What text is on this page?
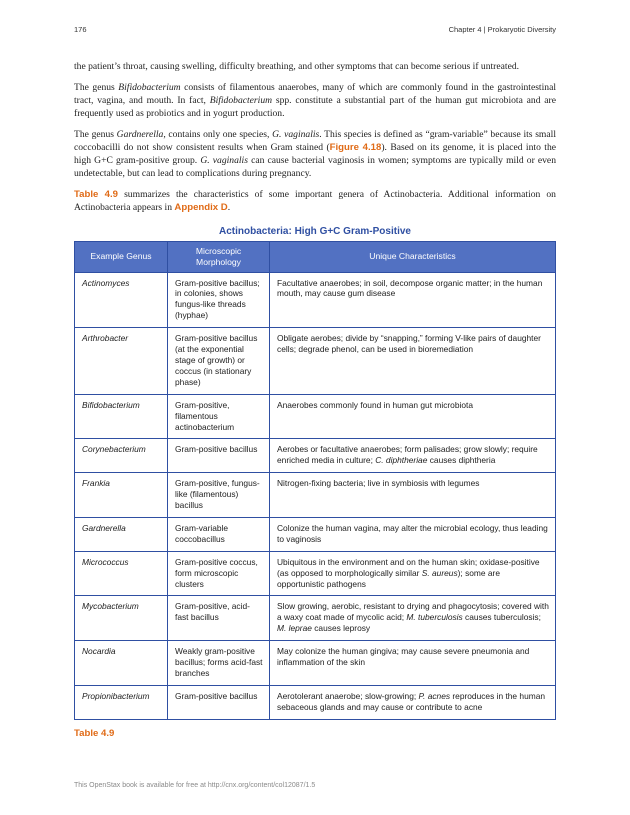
176	Chapter 4 | Prokaryotic Diversity

the patient’s throat, causing swelling, difficulty breathing, and other symptoms that can become serious if untreated.

The genus Bifidobacterium consists of filamentous anaerobes, many of which are commonly found in the gastrointestinal tract, vagina, and mouth. In fact, Bifidobacterium spp. constitute a substantial part of the human gut microbiota and are frequently used as probiotics and in yogurt production.

The genus Gardnerella, contains only one species, G. vaginalis. This species is defined as “gram-variable” because its small coccobacilli do not show consistent results when Gram stained (Figure 4.18). Based on its genome, it is placed into the high G+C gram-positive group. G. vaginalis can cause bacterial vaginosis in women; symptoms are typically mild or even undetectable, but can lead to complications during pregnancy.

Table 4.9 summarizes the characteristics of some important genera of Actinobacteria. Additional information on Actinobacteria appears in Appendix D.

Actinobacteria: High G+C Gram-Positive
Example Genus	Microscopic Morphology	Unique Characteristics
Actinomyces	Gram-positive bacillus; in colonies, shows fungus-like threads (hyphae)	Facultative anaerobes; in soil, decompose organic matter; in the human mouth, may cause gum disease
Arthrobacter	Gram-positive bacillus (at the exponential stage of growth) or coccus (in stationary phase)	Obligate aerobes; divide by “snapping,” forming V-like pairs of daughter cells; degrade phenol, can be used in bioremediation
Bifidobacterium	Gram-positive, filamentous actinobacterium	Anaerobes commonly found in human gut microbiota
Corynebacterium	Gram-positive bacillus	Aerobes or facultative anaerobes; form palisades; grow slowly; require enriched media in culture; C. diphtheriae causes diphtheria
Frankia	Gram-positive, fungus-like (filamentous) bacillus	Nitrogen-fixing bacteria; live in symbiosis with legumes
Gardnerella	Gram-variable coccobacillus	Colonize the human vagina, may alter the microbial ecology, thus leading to vaginosis
Micrococcus	Gram-positive coccus, form microscopic clusters	Ubiquitous in the environment and on the human skin; oxidase-positive (as opposed to morphologically similar S. aureus); some are opportunistic pathogens
Mycobacterium	Gram-positive, acid-fast bacillus	Slow growing, aerobic, resistant to drying and phagocytosis; covered with a waxy coat made of mycolic acid; M. tuberculosis causes tuberculosis; M. leprae causes leprosy
Nocardia	Weakly gram-positive bacillus; forms acid-fast branches	May colonize the human gingiva; may cause severe pneumonia and inflammation of the skin
Propionibacterium	Gram-positive bacillus	Aerotolerant anaerobe; slow-growing; P. acnes reproduces in the human sebaceous glands and may cause or contribute to acne
Table 4.9
This OpenStax book is available for free at http://cnx.org/content/col12087/1.5
